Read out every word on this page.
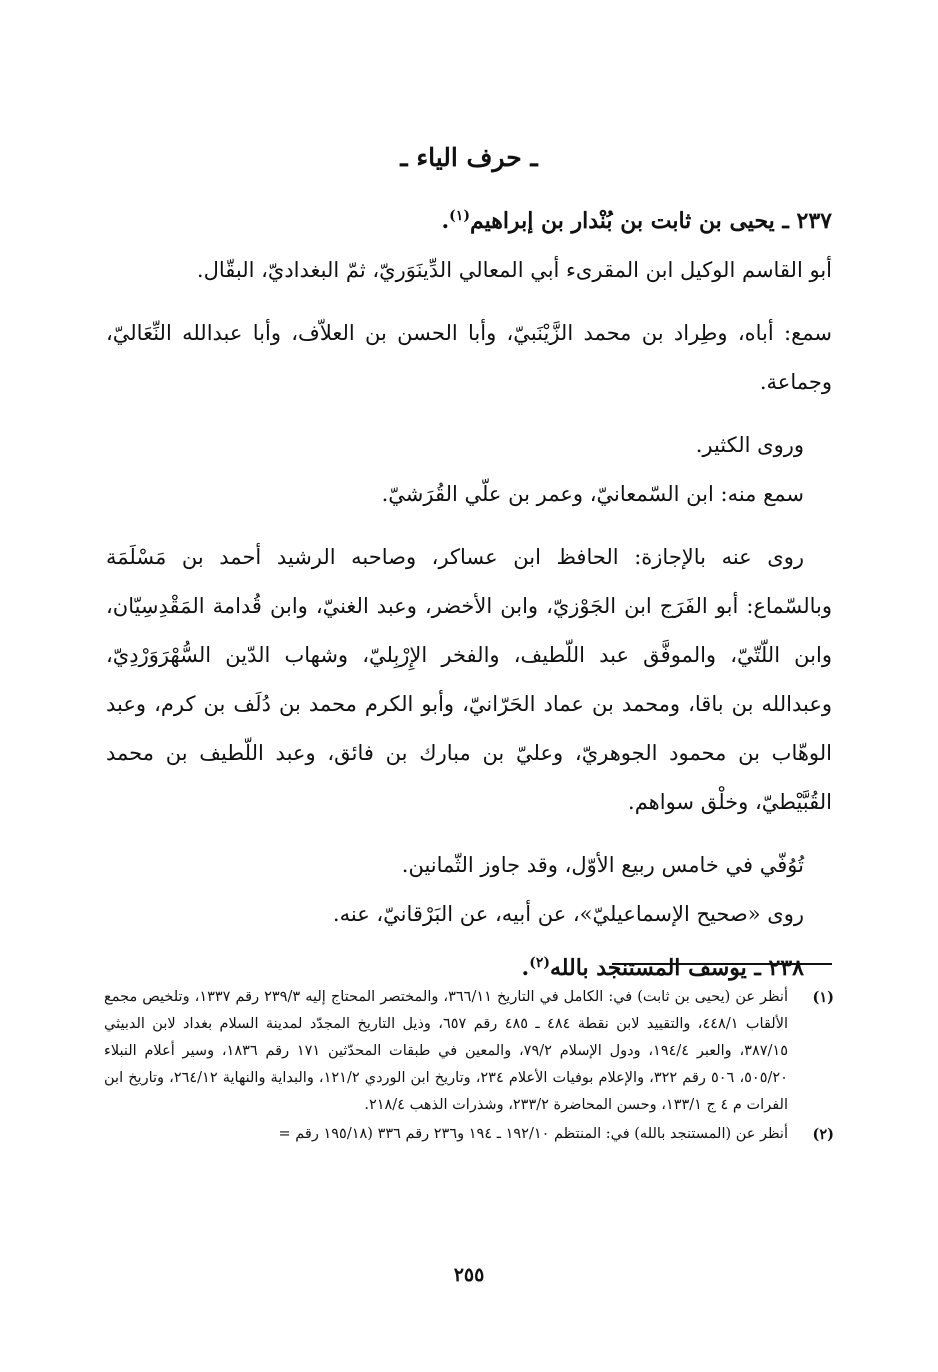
ـ حرف الياء ـ

٢٣٧ ـ يحيى بن ثابت بن بُنْدار بن إبراهيم$^{(١)}$.

أبو القاسم الوكيل ابن المقرىء أبي المعالي الدِّينَوَريّ، ثمّ البغداديّ، البقّال.

سمع: أباه، وطِراد بن محمد الزَّيْنَبيّ، وأبا الحسن بن العلاّف، وأبا عبدالله النِّعَاليّ، وجماعة.

وروى الكثير.

سمع منه: ابن السّمعانيّ، وعمر بن علّي القُرَشيّ.

روى عنه بالإجازة: الحافظ ابن عساكر، وصاحبه الرشيد أحمد بن مَسْلَمَة وبالسّماع: أبو الفَرَج ابن الجَوْزيّ، وابن الأخضر، وعبد الغنيّ، وابن قُدامة المَقْدِسِيّان، وابن اللّتّيّ، والموفَّق عبد اللّطيف، والفخر الإِرْبِليّ، وشهاب الدّين السُّهْرَوَرْدِيّ، وعبدالله بن باقا، ومحمد بن عماد الحَرّانيّ، وأبو الكرم محمد بن دُلَف بن كرم، وعبد الوهّاب بن محمود الجوهريّ، وعليّ بن مبارك بن فائق، وعبد اللّطيف بن محمد القُبَّيْطيّ، وخلْق سواهم.

تُوُفّي في خامس ربيع الأوّل، وقد جاوز الثّمانين.

روى «صحيح الإسماعيليّ»، عن أبيه، عن البَرْقانيّ، عنه.

٢٣٨ ـ يوسف المستنجد بالله$^{(٢)}$.

(١)
أنظر عن (يحيى بن ثابت) في: الكامل في التاريخ ٣٦٦/١١، والمختصر المحتاج إليه ٢٣٩/٣ رقم ١٣٣٧، وتلخيص مجمع الألقاب ٤٤٨/١، والتقييد لابن نقطة ٤٨٤ ـ ٤٨٥ رقم ٦٥٧، وذيل التاريخ المجدّد لمدينة السلام بغداد لابن الدبيثي ٣٨٧/١٥، والعبر ١٩٤/٤، ودول الإسلام ٧٩/٢، والمعين في طبقات المحدّثين ١٧١ رقم ١٨٣٦، وسير أعلام النبلاء ٥٠٥/٢٠، ٥٠٦ رقم ٣٢٢، والإعلام بوفيات الأعلام ٢٣٤، وتاريخ ابن الوردي ١٢١/٢، والبداية والنهاية ٢٦٤/١٢، وتاريخ ابن الفرات م ٤ ج ١٣٣/١، وحسن المحاضرة ٢٣٣/٢، وشذرات الذهب ٢١٨/٤.
(٢)
أنظر عن (المستنجد بالله) في: المنتظم ١٩٢/١٠ ـ ١٩٤ و٢٣٦ رقم ٣٣٦ (١٩٥/١٨ رقم =
٢٥٥
